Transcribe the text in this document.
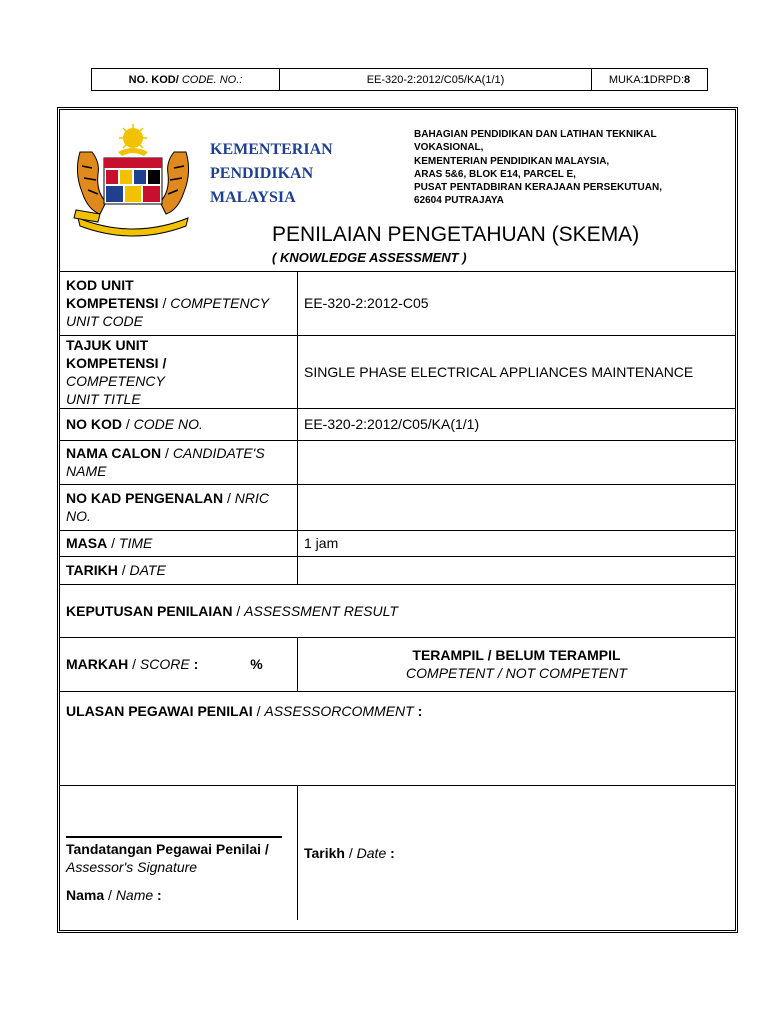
NO. KOD/
CODE. NO.:	EE-320-2:2012/C05/KA(1/1)	MUKA: 1 DRPD: 8
KEMENTERIAN
PENDIDIKAN
MALAYSIA
BAHAGIAN PENDIDIKAN DAN LATIHAN TEKNIKAL
VOKASIONAL,
KEMENTERIAN PENDIDIKAN MALAYSIA,
ARAS 5&6, BLOK E14, PARCEL E,
PUSAT PENTADBIRAN KERAJAAN PERSEKUTUAN,
62604 PUTRAJAYA
PENILAIAN PENGETAHUAN (SKEMA)
( KNOWLEDGE ASSESSMENT )
KOD UNIT
KOMPETENSI / COMPETENCY
UNIT CODE	EE-320-2:2012-C05
TAJUK UNIT
KOMPETENSI /
COMPETENCY
UNIT TITLE	SINGLE PHASE ELECTRICAL APPLIANCES MAINTENANCE
NO KOD / CODE NO.	EE-320-2:2012/C05/KA(1/1)
NAMA CALON / CANDIDATE'S
NAME	
NO KAD PENGENALAN / NRIC
NO.	
MASA / TIME	1 jam
TARIKH / DATE	
KEPUTUSAN PENILAIAN / ASSESSMENT RESULT	
MARKAH / SCORE : %	TERAMPIL / BELUM TERAMPIL
COMPETENT / NOT COMPETENT
ULASAN PEGAWAI PENILAI / ASSESSORCOMMENT :	

Tandatangan Pegawai Penilai /
Assessor's Signature
Nama / Name :	Tarikh / Date :
